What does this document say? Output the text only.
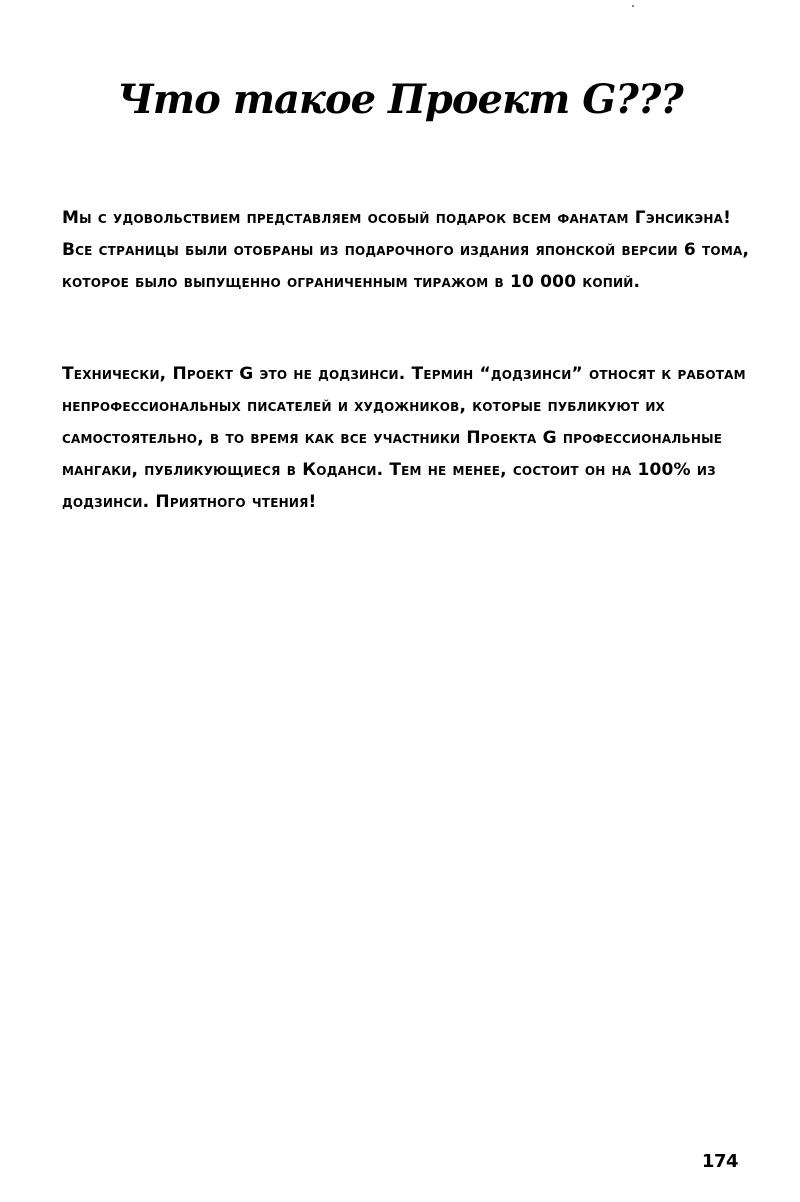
Что такое Проект G???

Мы с удовольствием представляем особый подарок всем фанатам Гэнсикэна! Все страницы были отобраны из подарочного издания японской версии 6 тома, которое было выпущенно ограниченным тиражом в 10 000 копий.

Технически, Проект G это не додзинси. Термин “додзинси” относят к работам непрофессиональных писателей и художников, которые публикуют их самостоятельно, в то время как все участники Проекта G профессиональные мангаки, публикующиеся в Коданси. Тем не менее, состоит он на 100% из додзинси. Приятного чтения!

174
